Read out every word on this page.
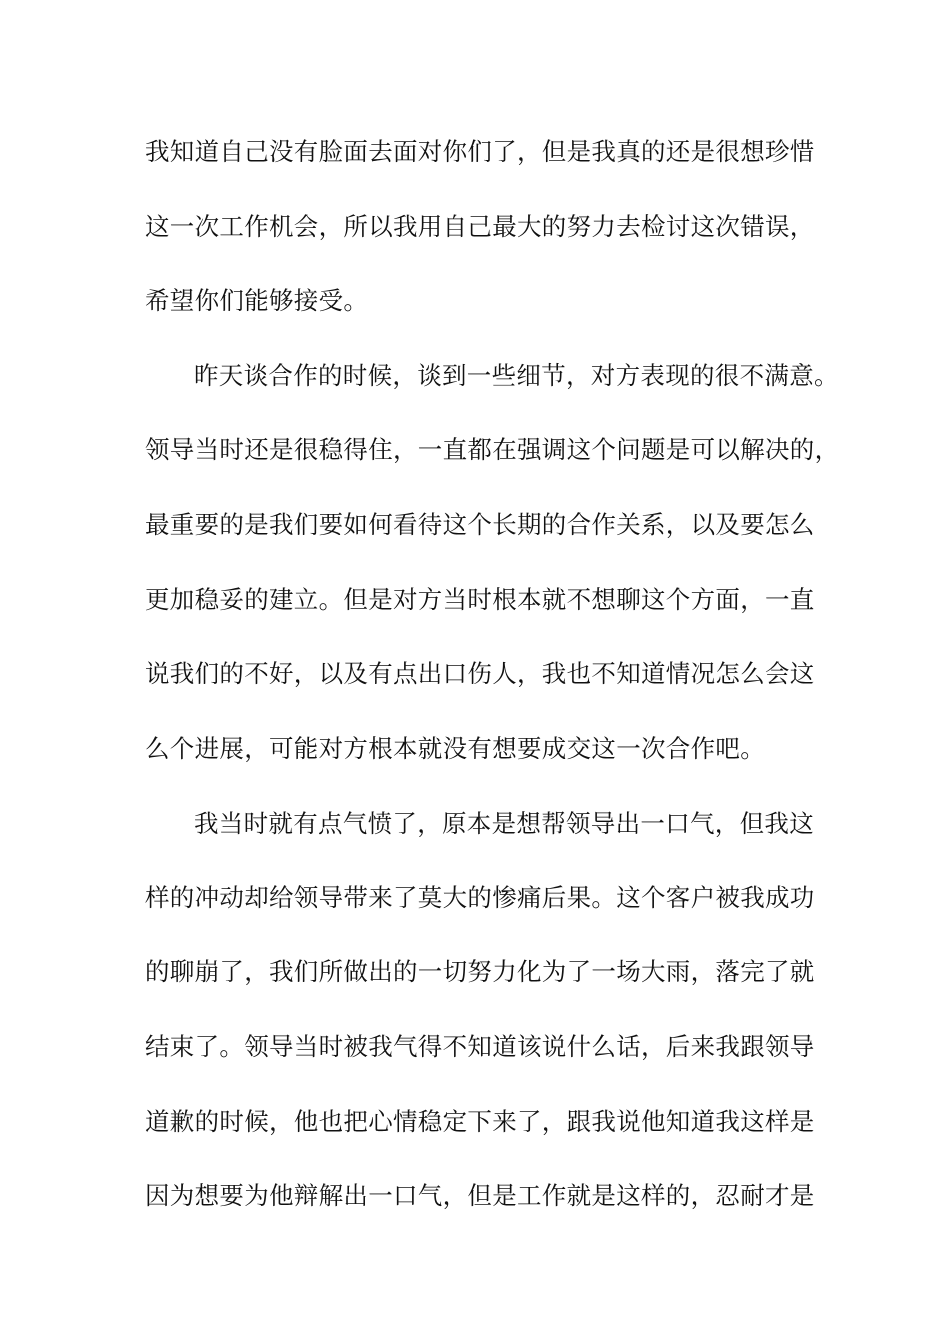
我知道自己没有脸面去面对你们了，但是我真的还是很想珍惜
这一次工作机会，所以我用自己最大的努力去检讨这次错误，
希望你们能够接受。
昨天谈合作的时候，谈到一些细节，对方表现的很不满意。
领导当时还是很稳得住，一直都在强调这个问题是可以解决的，
最重要的是我们要如何看待这个长期的合作关系，以及要怎么
更加稳妥的建立。但是对方当时根本就不想聊这个方面，一直
说我们的不好，以及有点出口伤人，我也不知道情况怎么会这
么个进展，可能对方根本就没有想要成交这一次合作吧。
我当时就有点气愤了，原本是想帮领导出一口气，但我这
样的冲动却给领导带来了莫大的惨痛后果。这个客户被我成功
的聊崩了，我们所做出的一切努力化为了一场大雨，落完了就
结束了。领导当时被我气得不知道该说什么话，后来我跟领导
道歉的时候，他也把心情稳定下来了，跟我说他知道我这样是
因为想要为他辩解出一口气，但是工作就是这样的，忍耐才是
